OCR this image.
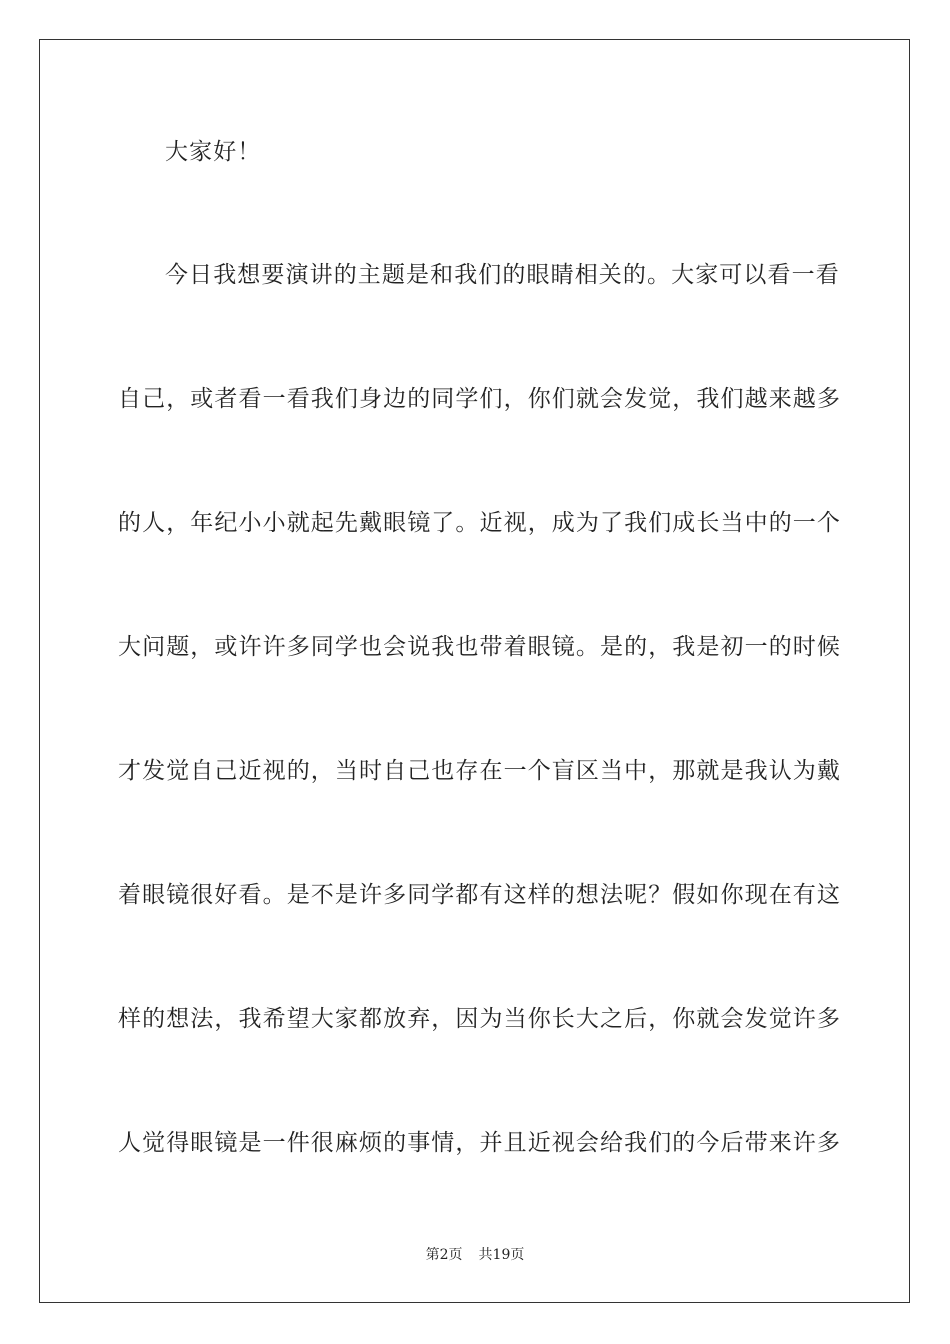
大家好！
今日我想要演讲的主题是和我们的眼睛相关的。大家可以看一看
自己，或者看一看我们身边的同学们，你们就会发觉，我们越来越多
的人，年纪小小就起先戴眼镜了。近视，成为了我们成长当中的一个
大问题，或许许多同学也会说我也带着眼镜。是的，我是初一的时候
才发觉自己近视的，当时自己也存在一个盲区当中，那就是我认为戴
着眼镜很好看。是不是许多同学都有这样的想法呢？假如你现在有这
样的想法，我希望大家都放弃，因为当你长大之后，你就会发觉许多
人觉得眼镜是一件很麻烦的事情，并且近视会给我们的今后带来许多
第2页 共19页
